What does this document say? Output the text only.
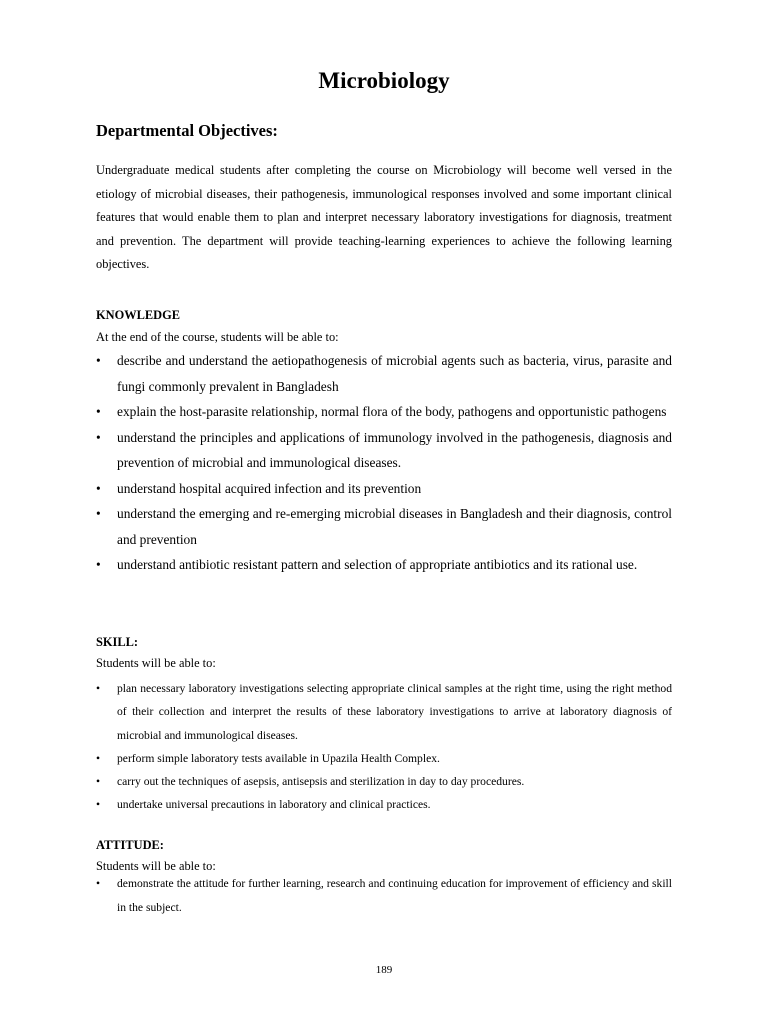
Microbiology
Departmental Objectives:

Undergraduate medical students after completing the course on Microbiology will become well versed in the etiology of microbial diseases, their pathogenesis, immunological responses involved and some important clinical features that would enable them to plan and interpret necessary laboratory investigations for diagnosis, treatment and prevention. The department will provide teaching-learning experiences to achieve the following learning objectives.

KNOWLEDGE
At the end of the course, students will be able to:
• describe and understand the aetiopathogenesis of microbial agents such as bacteria, virus, parasite and fungi commonly prevalent in Bangladesh
• explain the host-parasite relationship, normal flora of the body, pathogens and opportunistic pathogens
• understand the principles and applications of immunology involved in the pathogenesis, diagnosis and prevention of microbial and immunological diseases.
• understand hospital acquired infection and its prevention
• understand the emerging and re-emerging microbial diseases in Bangladesh and their diagnosis, control and prevention
• understand antibiotic resistant pattern and selection of appropriate antibiotics and its rational use.
SKILL:
Students will be able to:
• plan necessary laboratory investigations selecting appropriate clinical samples at the right time, using the right method of their collection and interpret the results of these laboratory investigations to arrive at laboratory diagnosis of microbial and immunological diseases.
• perform simple laboratory tests available in Upazila Health Complex.
• carry out the techniques of asepsis, antisepsis and sterilization in day to day procedures.
• undertake universal precautions in laboratory and clinical practices.
ATTITUDE:
Students will be able to:
• demonstrate the attitude for further learning, research and continuing education for improvement of efficiency and skill in the subject.
189
